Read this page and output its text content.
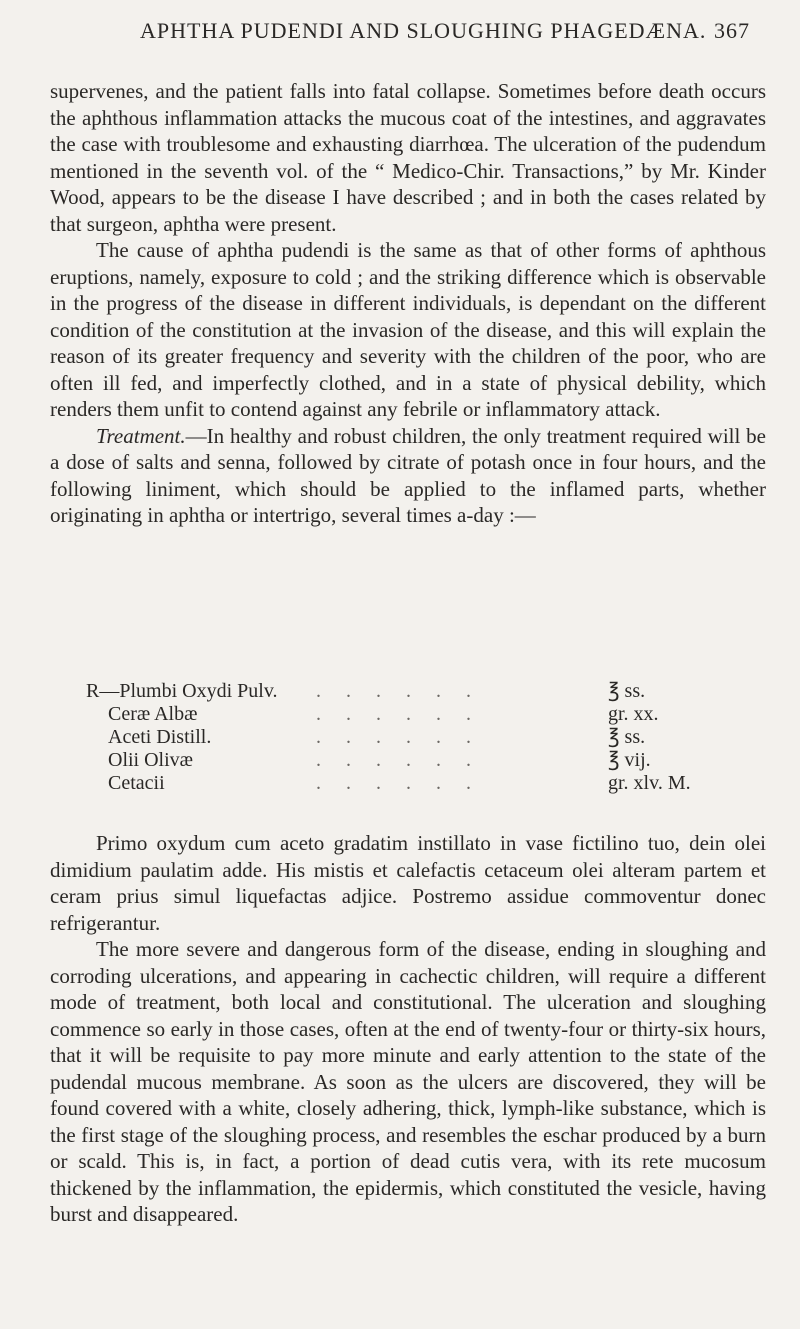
APHTHA PUDENDI AND SLOUGHING PHAGEDÆNA. 367

supervenes, and the patient falls into fatal collapse. Sometimes before death occurs the aphthous inflammation attacks the mucous coat of the intestines, and aggravates the case with troublesome and exhausting diarrhœa. The ulceration of the pudendum mentioned in the seventh vol. of the “ Medico-Chir. Transactions,” by Mr. Kinder Wood, appears to be the disease I have described ; and in both the cases related by that surgeon, aphtha were present.

The cause of aphtha pudendi is the same as that of other forms of aphthous eruptions, namely, exposure to cold ; and the striking difference which is observable in the progress of the disease in different individuals, is dependant on the different condition of the constitution at the invasion of the disease, and this will explain the reason of its greater frequency and severity with the children of the poor, who are often ill fed, and imperfectly clothed, and in a state of physical debility, which renders them unfit to contend against any febrile or inflammatory attack.

Treatment.—In healthy and robust children, the only treatment required will be a dose of salts and senna, followed by citrate of potash once in four hours, and the following liniment, which should be applied to the inflamed parts, whether originating in aphtha or intertrigo, several times a-day :—

R—Plumbi Oxydi Pulv. . . . . . .	℥ ss.
Ceræ Albæ	. . . . . .	gr. xx.
Aceti Distill.	. . . . . .	℥ ss.
Olii Olivæ	. . . . . .	℥ vij.
Cetacii	. . . . . .	gr. xlv. M.

Primo oxydum cum aceto gradatim instillato in vase fictilino tuo, dein olei dimidium paulatim adde. His mistis et calefactis cetaceum olei alteram partem et ceram prius simul liquefactas adjice. Postremo assidue commoventur donec refrigerantur.

The more severe and dangerous form of the disease, ending in sloughing and corroding ulcerations, and appearing in cachectic children, will require a different mode of treatment, both local and constitutional. The ulceration and sloughing commence so early in those cases, often at the end of twenty-four or thirty-six hours, that it will be requisite to pay more minute and early attention to the state of the pudendal mucous membrane. As soon as the ulcers are discovered, they will be found covered with a white, closely adhering, thick, lymph-like substance, which is the first stage of the sloughing process, and resembles the eschar produced by a burn or scald. This is, in fact, a portion of dead cutis vera, with its rete mucosum thickened by the inflammation, the epidermis, which constituted the vesicle, having burst and disappeared.
